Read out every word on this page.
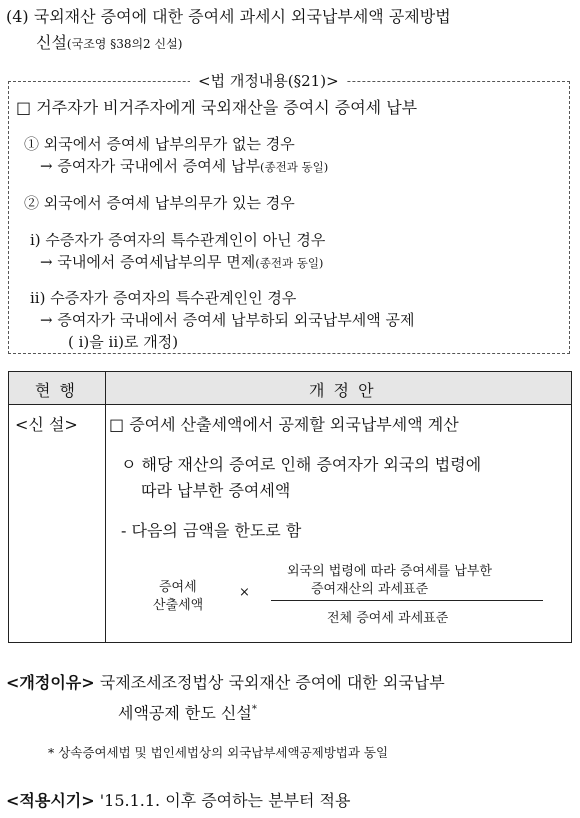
(4) 국외재산 증여에 대한 증여세 과세시 외국납부세액 공제방법
신설(국조영 §38의2 신설)
<법 개정내용(§21)>
□ 거주자가 비거주자에게 국외재산을 증여시 증여세 납부
① 외국에서 증여세 납부의무가 없는 경우
→ 증여자가 국내에서 증여세 납부(종전과 동일)
② 외국에서 증여세 납부의무가 있는 경우
i) 수증자가 증여자의 특수관계인이 아닌 경우
→ 국내에서 증여세납부의무 면제(종전과 동일)
ii) 수증자가 증여자의 특수관계인인 경우
→ 증여자가 국내에서 증여세 납부하되 외국납부세액 공제
( i)을 ii)로 개정)
현 행	개 정 안
<신 설> □ 증여세 산출세액에서 공제할 외국납부세액 계산
ㅇ 해당 재산의 증여로 인해 증여자가 외국의 법령에
따라 납부한 증여세액
- 다음의 금액을 한도로 함
증여세
산출세액
×
외국의 법령에 따라 증여세를 납부한
증여재산의 과세표준
전체 증여세 과세표준
<개정이유> 국제조세조정법상 국외재산 증여에 대한 외국납부
세액공제 한도 신설*
* 상속증여세법 및 법인세법상의 외국납부세액공제방법과 동일
<적용시기> '15.1.1. 이후 증여하는 분부터 적용
